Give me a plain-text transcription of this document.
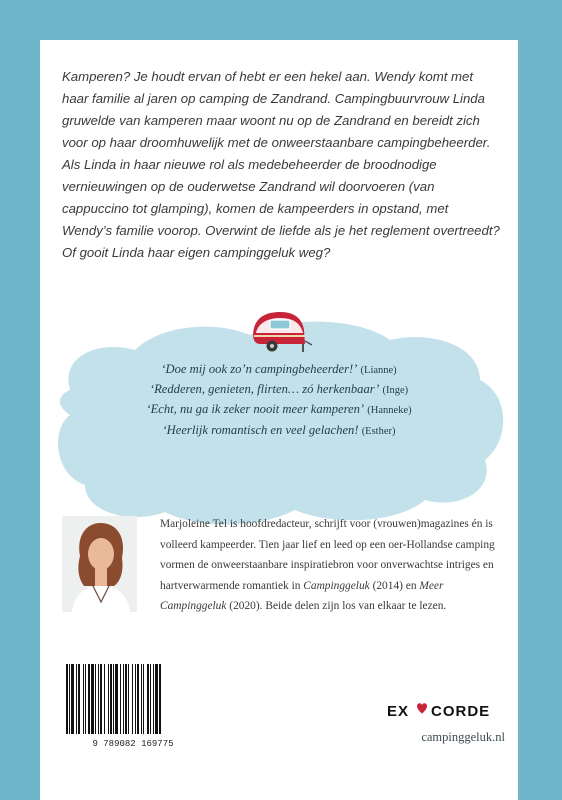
Kamperen? Je houdt ervan of hebt er een hekel aan. Wendy komt met haar familie al jaren op camping de Zandrand. Campingbuurvrouw Linda gruwelde van kamperen maar woont nu op de Zandrand en bereidt zich voor op haar droomhuwelijk met de onweerstaanbare campingbeheerder. Als Linda in haar nieuwe rol als medebeheerder de broodnodige vernieuwingen op de ouderwetse Zandrand wil doorvoeren (van cappuccino tot glamping), komen de kampeerders in opstand, met Wendy’s familie voorop. Overwint de liefde als je het reglement overtreedt? Of gooit Linda haar eigen campinggeluk weg?

‘Doe mij ook zo’n campingbeheerder!’ (Lianne)

‘Redderen, genieten, flirten… zó herkenbaar’ (Inge)

‘Echt, nu ga ik zeker nooit meer kamperen’ (Hanneke)

‘Heerlijk romantisch en veel gelachen! (Esther)

Marjoleine Tel is hoofdredacteur, schrijft voor (vrouwen)magazines én is volleerd kampeerder. Tien jaar lief en leed op een oer-Hollandse camping vormen de onweerstaanbare inspiratiebron voor onverwachtse intriges en hartverwarmende romantiek in Campinggeluk (2014) en Meer Campinggeluk (2020). Beide delen zijn los van elkaar te lezen.

9 789082 169775
EX CORDE
campinggeluk.nl
